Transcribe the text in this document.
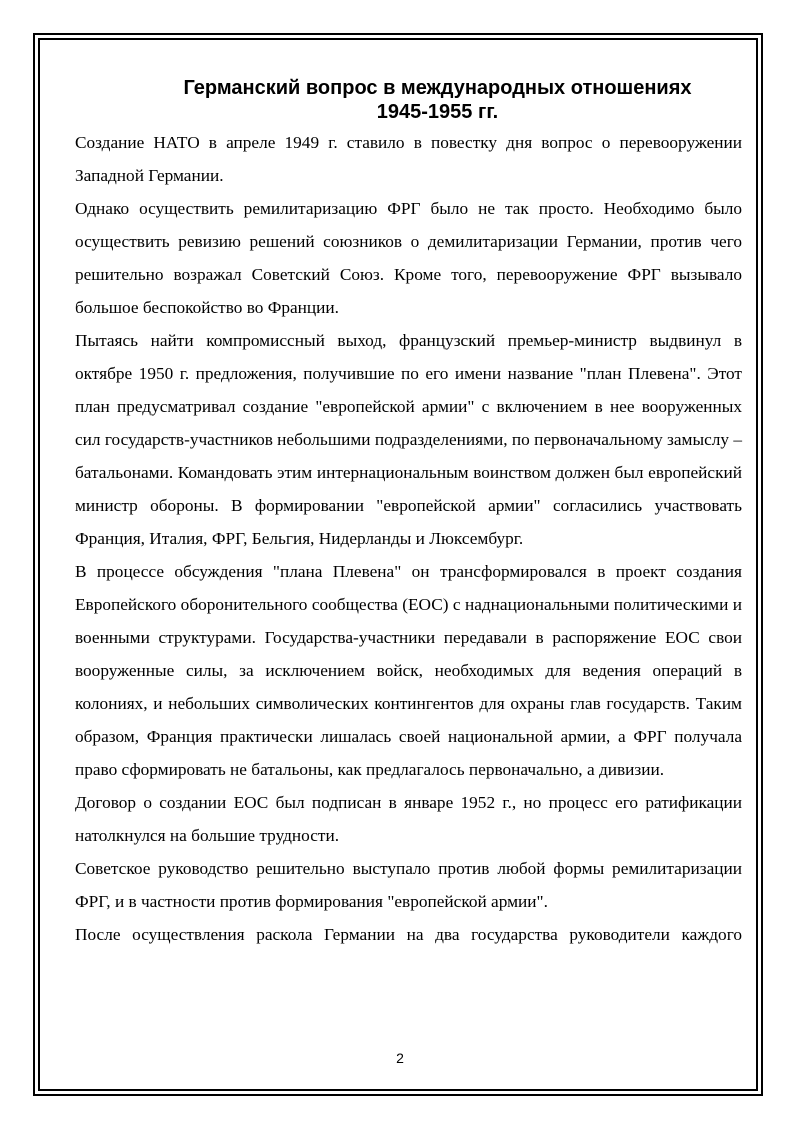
Германский вопрос в международных отношениях
1945-1955 гг.

Создание НАТО в апреле 1949 г. ставило в повестку дня вопрос о перевооружении Западной Германии.

Однако осуществить ремилитаризацию ФРГ было не так просто. Необходимо было осуществить ревизию решений союзников о демилитаризации Германии, против чего решительно возражал Советский Союз. Кроме того, перевооружение ФРГ вызывало большое беспокойство во Франции.

Пытаясь найти компромиссный выход, французский премьер-министр выдвинул в октябре 1950 г. предложения, получившие по его имени название "план Плевена". Этот план предусматривал создание "европейской армии" с включением в нее вооруженных сил государств-участников небольшими подразделениями, по первоначальному замыслу – батальонами. Командовать этим интернациональным воинством должен был европейский министр обороны. В формировании "европейской армии" согласились участвовать Франция, Италия, ФРГ, Бельгия, Нидерланды и Люксембург.

В процессе обсуждения "плана Плевена" он трансформировался в проект создания Европейского оборонительного сообщества (ЕОС) с наднациональными политическими и военными структурами. Государства-участники передавали в распоряжение ЕОС свои вооруженные силы, за исключением войск, необходимых для ведения операций в колониях, и небольших символических контингентов для охраны глав государств. Таким образом, Франция практически лишалась своей национальной армии, а ФРГ получала право сформировать не батальоны, как предлагалось первоначально, а дивизии.

Договор о создании ЕОС был подписан в январе 1952 г., но процесс его ратификации натолкнулся на большие трудности.

Советское руководство решительно выступало против любой формы ремилитаризации ФРГ, и в частности против формирования "европейской армии".

После осуществления раскола Германии на два государства руководители каждого

2
